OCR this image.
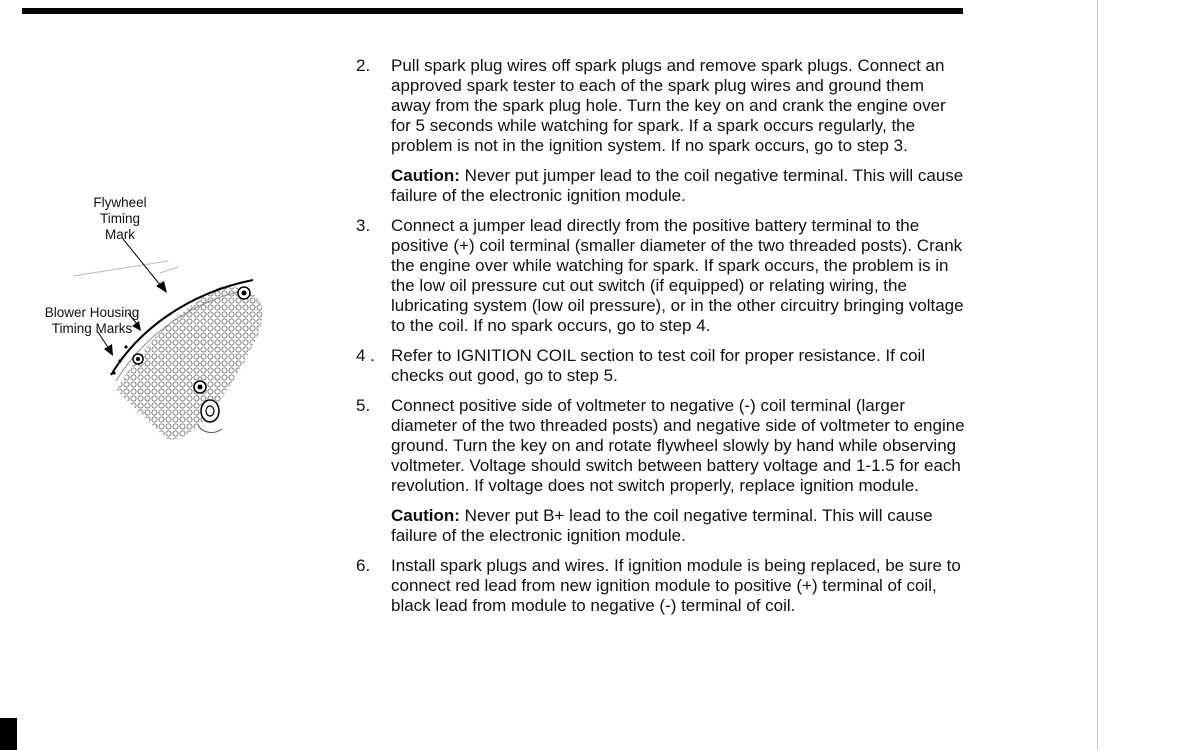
Flywheel
Timing
Mark
Blower Housing
Timing Marks
2. Pull spark plug wires off spark plugs and remove spark plugs. Connect an approved spark tester to each of the spark plug wires and ground them away from the spark plug hole. Turn the key on and crank the engine over for 5 seconds while watching for spark. If a spark occurs regularly, the problem is not in the ignition system. If no spark occurs, go to step 3.

Caution: Never put jumper lead to the coil negative terminal. This will cause failure of the electronic ignition module.

3. Connect a jumper lead directly from the positive battery terminal to the positive (+) coil terminal (smaller diameter of the two threaded posts). Crank the engine over while watching for spark. If spark occurs, the problem is in the low oil pressure cut out switch (if equipped) or relating wiring, the lubricating system (low oil pressure), or in the other circuitry bringing voltage to the coil. If no spark occurs, go to step 4.

4 . Refer to IGNITION COIL section to test coil for proper resistance. If coil checks out good, go to step 5.

5. Connect positive side of voltmeter to negative (-) coil terminal (larger diameter of the two threaded posts) and negative side of voltmeter to engine ground. Turn the key on and rotate flywheel slowly by hand while observing voltmeter. Voltage should switch between battery voltage and 1-1.5 for each revolution. If voltage does not switch properly, replace ignition module.

Caution: Never put B+ lead to the coil negative terminal. This will cause failure of the electronic ignition module.

6. Install spark plugs and wires. If ignition module is being replaced, be sure to connect red lead from new ignition module to positive (+) terminal of coil, black lead from module to negative (-) terminal of coil.
